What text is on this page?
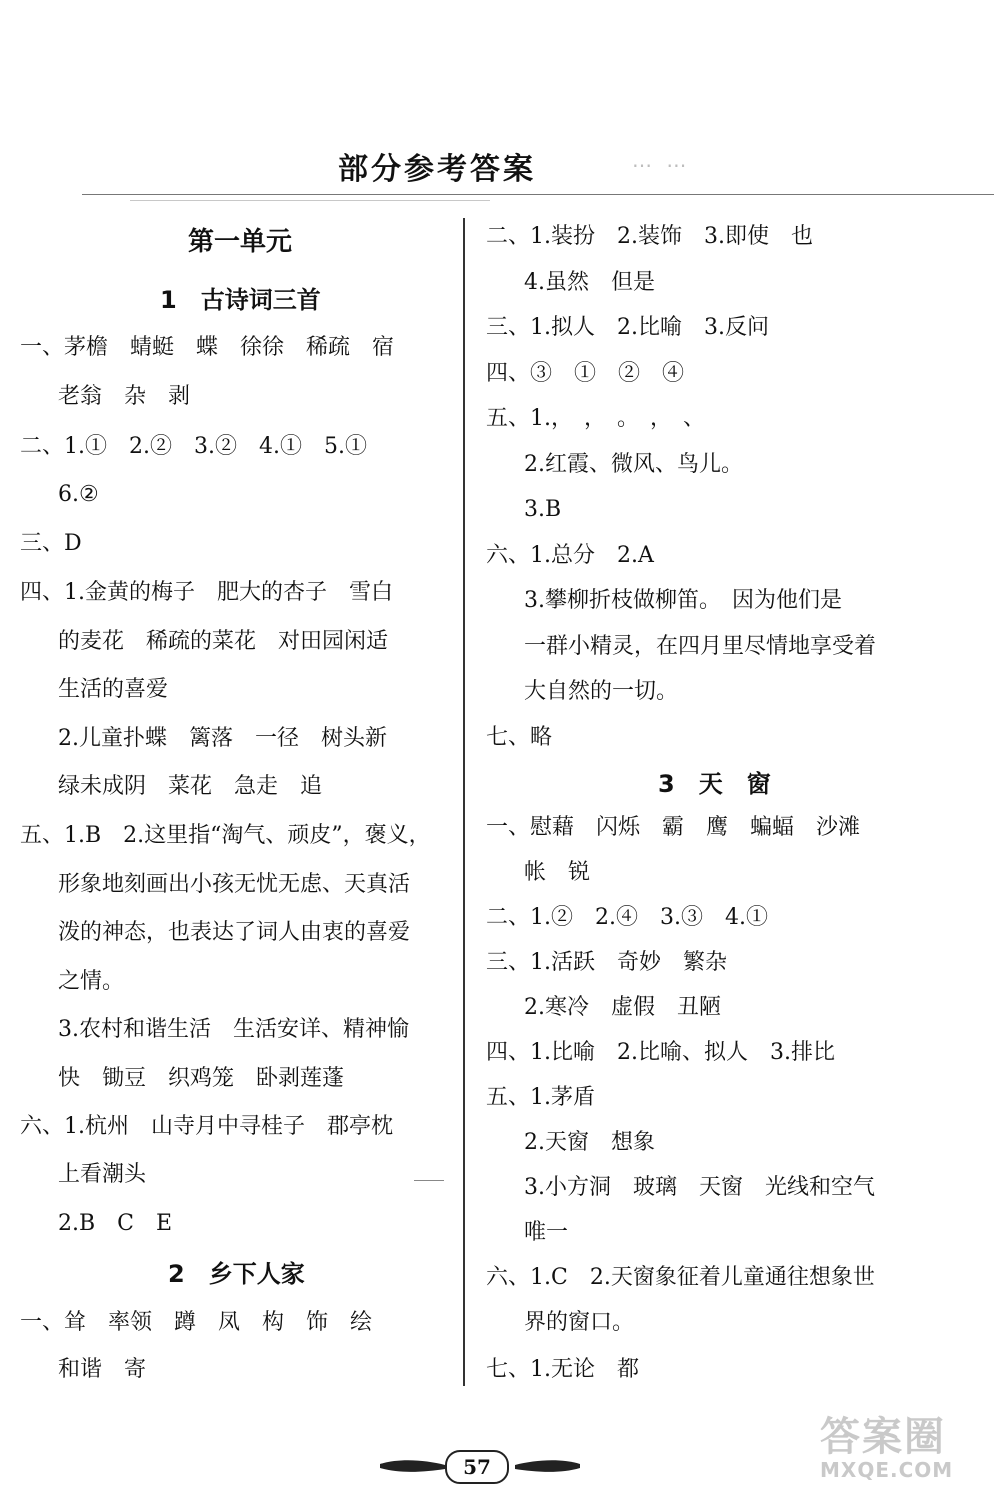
部分参考答案	… …
第一单元
1　古诗词三首
一、茅檐　蜻蜓　蝶　徐徐　稀疏　宿
老翁　杂　剥
二、1.①　2.②　3.②　4.①　5.①
6.②
三、D
四、1.金黄的梅子　肥大的杏子　雪白
的麦花　稀疏的菜花　对田园闲适
生活的喜爱
2.儿童扑蝶　篱落　一径　树头新
绿未成阴　菜花　急走　追
五、1.B　2.这里指“淘气、顽皮”，褒义，
形象地刻画出小孩无忧无虑、天真活
泼的神态，也表达了词人由衷的喜爱
之情。
3.农村和谐生活　生活安详、精神愉
快　锄豆　织鸡笼　卧剥莲蓬
六、1.杭州　山寺月中寻桂子　郡亭枕
上看潮头
2.B　C　E
2　乡下人家
一、耸　率领　蹲　凤　构　饰　绘
和谐　寄
二、1.装扮　2.装饰　3.即使　也
4.虽然　但是
三、1.拟人　2.比喻　3.反问
四、③　①　②　④
五、1.，　，　。　，　、
2.红霞、微风、鸟儿。
3.B
六、1.总分　2.A
3.攀柳折枝做柳笛。　因为他们是
一群小精灵，在四月里尽情地享受着
大自然的一切。
七、略
3　天　窗
一、慰藉　闪烁　霸　鹰　蝙蝠　沙滩
帐　锐
二、1.②　2.④　3.③　4.①
三、1.活跃　奇妙　繁杂
2.寒冷　虚假　丑陋
四、1.比喻　2.比喻、拟人　3.排比
五、1.茅盾
2.天窗　想象
3.小方洞　玻璃　天窗　光线和空气
唯一
六、1.C　2.天窗象征着儿童通往想象世
界的窗口。
七、1.无论　都
57
答案圈
MXQE.COM
